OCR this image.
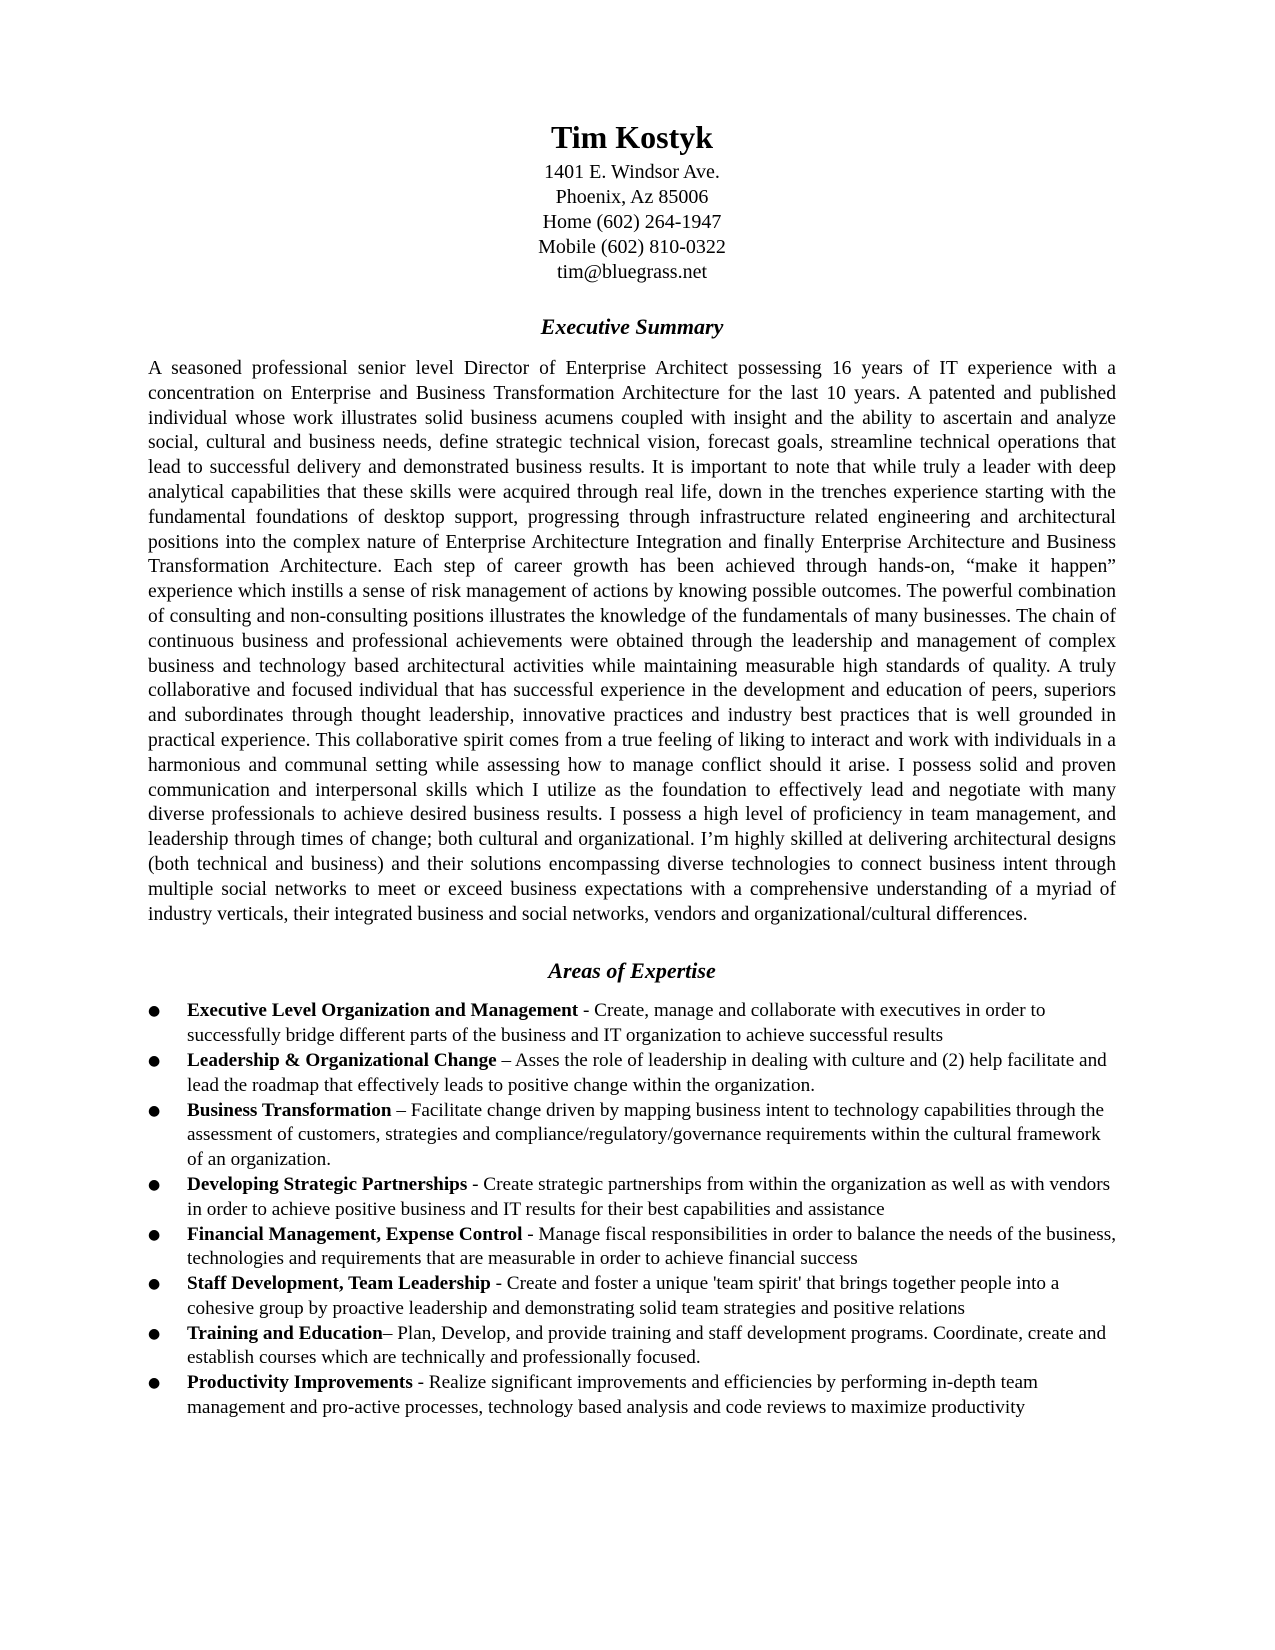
Tim Kostyk
1401 E. Windsor Ave.
Phoenix, Az 85006
Home (602) 264-1947
Mobile (602) 810-0322
tim@bluegrass.net
Executive Summary

A seasoned professional senior level Director of Enterprise Architect possessing 16 years of IT experience with a concentration on Enterprise and Business Transformation Architecture for the last 10 years. A patented and published individual whose work illustrates solid business acumens coupled with insight and the ability to ascertain and analyze social, cultural and business needs, define strategic technical vision, forecast goals, streamline technical operations that lead to successful delivery and demonstrated business results. It is important to note that while truly a leader with deep analytical capabilities that these skills were acquired through real life, down in the trenches experience starting with the fundamental foundations of desktop support, progressing through infrastructure related engineering and architectural positions into the complex nature of Enterprise Architecture Integration and finally Enterprise Architecture and Business Transformation Architecture. Each step of career growth has been achieved through hands-on, “make it happen” experience which instills a sense of risk management of actions by knowing possible outcomes. The powerful combination of consulting and non-consulting positions illustrates the knowledge of the fundamentals of many businesses. The chain of continuous business and professional achievements were obtained through the leadership and management of complex business and technology based architectural activities while maintaining measurable high standards of quality. A truly collaborative and focused individual that has successful experience in the development and education of peers, superiors and subordinates through thought leadership, innovative practices and industry best practices that is well grounded in practical experience. This collaborative spirit comes from a true feeling of liking to interact and work with individuals in a harmonious and communal setting while assessing how to manage conflict should it arise. I possess solid and proven communication and interpersonal skills which I utilize as the foundation to effectively lead and negotiate with many diverse professionals to achieve desired business results. I possess a high level of proficiency in team management, and leadership through times of change; both cultural and organizational. I’m highly skilled at delivering architectural designs (both technical and business) and their solutions encompassing diverse technologies to connect business intent through multiple social networks to meet or exceed business expectations with a comprehensive understanding of a myriad of industry verticals, their integrated business and social networks, vendors and organizational/cultural differences.

Areas of Expertise
● Executive Level Organization and Management - Create, manage and collaborate with executives in order to successfully bridge different parts of the business and IT organization to achieve successful results
● Leadership & Organizational Change – Asses the role of leadership in dealing with culture and (2) help facilitate and lead the roadmap that effectively leads to positive change within the organization.
● Business Transformation – Facilitate change driven by mapping business intent to technology capabilities through the assessment of customers, strategies and compliance/regulatory/governance requirements within the cultural framework of an organization.
● Developing Strategic Partnerships - Create strategic partnerships from within the organization as well as with vendors in order to achieve positive business and IT results for their best capabilities and assistance
● Financial Management, Expense Control - Manage fiscal responsibilities in order to balance the needs of the business, technologies and requirements that are measurable in order to achieve financial success
● Staff Development, Team Leadership - Create and foster a unique 'team spirit' that brings together people into a cohesive group by proactive leadership and demonstrating solid team strategies and positive relations
● Training and Education– Plan, Develop, and provide training and staff development programs. Coordinate, create and establish courses which are technically and professionally focused.
● Productivity Improvements - Realize significant improvements and efficiencies by performing in-depth team management and pro-active processes, technology based analysis and code reviews to maximize productivity
